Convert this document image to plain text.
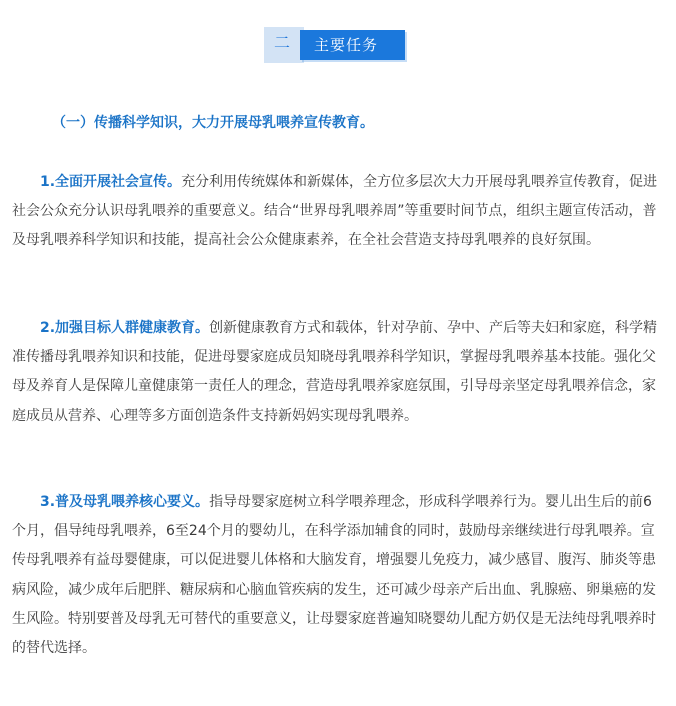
二 主要任务
（一）传播科学知识，大力开展母乳喂养宣传教育。

1.全面开展社会宣传。充分利用传统媒体和新媒体，全方位多层次大力开展母乳喂养宣传教育，促进社会公众充分认识母乳喂养的重要意义。结合“世界母乳喂养周”等重要时间节点，组织主题宣传活动，普及母乳喂养科学知识和技能，提高社会公众健康素养，在全社会营造支持母乳喂养的良好氛围。

2.加强目标人群健康教育。创新健康教育方式和载体，针对孕前、孕中、产后等夫妇和家庭，科学精准传播母乳喂养知识和技能，促进母婴家庭成员知晓母乳喂养科学知识，掌握母乳喂养基本技能。强化父母及养育人是保障儿童健康第一责任人的理念，营造母乳喂养家庭氛围，引导母亲坚定母乳喂养信念，家庭成员从营养、心理等多方面创造条件支持新妈妈实现母乳喂养。

3.普及母乳喂养核心要义。指导母婴家庭树立科学喂养理念，形成科学喂养行为。婴儿出生后的前6个月，倡导纯母乳喂养，6至24个月的婴幼儿，在科学添加辅食的同时，鼓励母亲继续进行母乳喂养。宣传母乳喂养有益母婴健康，可以促进婴儿体格和大脑发育，增强婴儿免疫力，减少感冒、腹泻、肺炎等患病风险，减少成年后肥胖、糖尿病和心脑血管疾病的发生，还可减少母亲产后出血、乳腺癌、卵巢癌的发生风险。特别要普及母乳无可替代的重要意义，让母婴家庭普遍知晓婴幼儿配方奶仅是无法纯母乳喂养时的替代选择。
